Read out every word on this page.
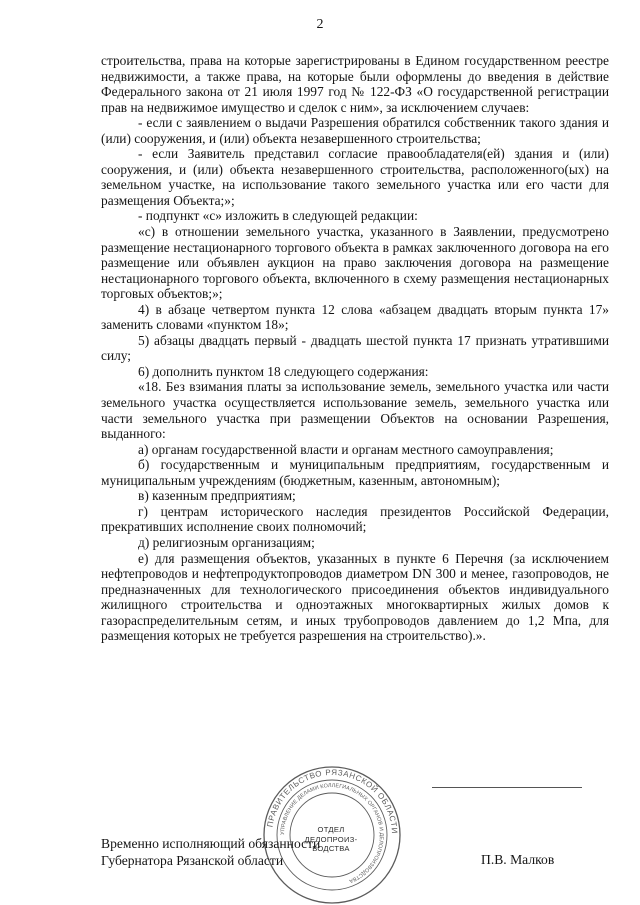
2

строительства, права на которые зарегистрированы в Едином государственном реестре недвижимости, а также права, на которые были оформлены до введения в действие Федерального закона от 21 июля 1997 год № 122-ФЗ «О государственной регистрации прав на недвижимое имущество и сделок с ним», за исключением случаев:

- если с заявлением о выдачи Разрешения обратился собственник такого здания и (или) сооружения, и (или) объекта незавершенного строительства;

- если Заявитель представил согласие правообладателя(ей) здания и (или) сооружения, и (или) объекта незавершенного строительства, расположенного(ых) на земельном участке, на использование такого земельного участка или его части для размещения Объекта;»;

- подпункт «с» изложить в следующей редакции:

«с) в отношении земельного участка, указанного в Заявлении, предусмотрено размещение нестационарного торгового объекта в рамках заключенного договора на его размещение или объявлен аукцион на право заключения договора на размещение нестационарного торгового объекта, включенного в схему размещения нестационарных торговых объектов;»;

4) в абзаце четвертом пункта 12 слова «абзацем двадцать вторым пункта 17» заменить словами «пунктом 18»;

5) абзацы двадцать первый - двадцать шестой пункта 17 признать утратившими силу;

6) дополнить пунктом 18 следующего содержания:

«18. Без взимания платы за использование земель, земельного участка или части земельного участка осуществляется использование земель, земельного участка или части земельного участка при размещении Объектов на основании Разрешения, выданного:

а) органам государственной власти и органам местного самоуправления;

б) государственным и муниципальным предприятиям, государственным и муниципальным учреждениям (бюджетным, казенным, автономным);

в) казенным предприятиям;

г) центрам исторического наследия президентов Российской Федерации, прекративших исполнение своих полномочий;

д) религиозным организациям;

е) для размещения объектов, указанных в пункте 6 Перечня (за исключением нефтепроводов и нефтепродуктопроводов диаметром DN 300 и менее, газопроводов, не предназначенных для технологического присоединения объектов индивидуального жилищного строительства и одноэтажных многоквартирных жилых домов к газораспределительным сетям, и иных трубопроводов давлением до 1,2 Мпа, для размещения которых не требуется разрешения на строительство).».

ПРАВИТЕЛЬСТВО РЯЗАНСКОЙ ОБЛАСТИ
УПРАВЛЕНИЕ ДЕЛАМИ КОЛЛЕГИАЛЬНЫХ ОРГАНОВ И ДЕЛОПРОИЗВОДСТВА
ОТДЕЛ
ДЕЛОПРОИЗ-
ВОДСТВА
Временно исполняющий обязанности
Губернатора Рязанской области	П.В. Малков
